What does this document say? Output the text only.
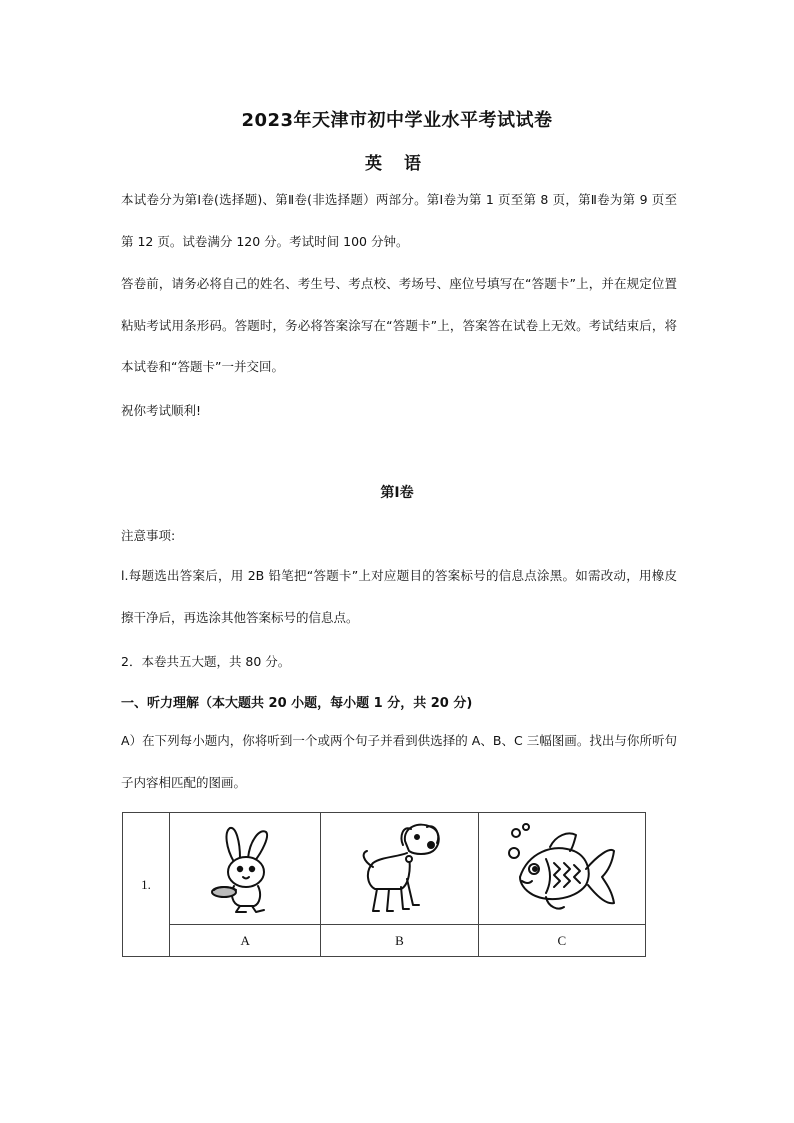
2023年天津市初中学业水平考试试卷
英 语

本试卷分为第Ⅰ卷(选择题)、第Ⅱ卷(非选择题）两部分。第Ⅰ卷为第 1 页至第 8 页，第Ⅱ卷为第 9 页至第 12 页。试卷满分 120 分。考试时间 100 分钟。

答卷前，请务必将自己的姓名、考生号、考点校、考场号、座位号填写在“答题卡”上，并在规定位置粘贴考试用条形码。答题时，务必将答案涂写在“答题卡”上，答案答在试卷上无效。考试结束后，将本试卷和“答题卡”一并交回。

祝你考试顺利!

第Ⅰ卷

注意事项:

l.每题选出答案后，用 2B 铅笔把“答题卡”上对应题目的答案标号的信息点涂黑。如需改动，用橡皮擦干净后，再选涂其他答案标号的信息点。

2．本卷共五大题，共 80 分。

一、听力理解（本大题共 20 小题，每小题 1 分，共 20 分)

A）在下列每小题内，你将听到一个或两个句子并看到供选择的 A、B、C 三幅图画。找出与你所听句子内容相匹配的图画。

1.	

	A	B	C
